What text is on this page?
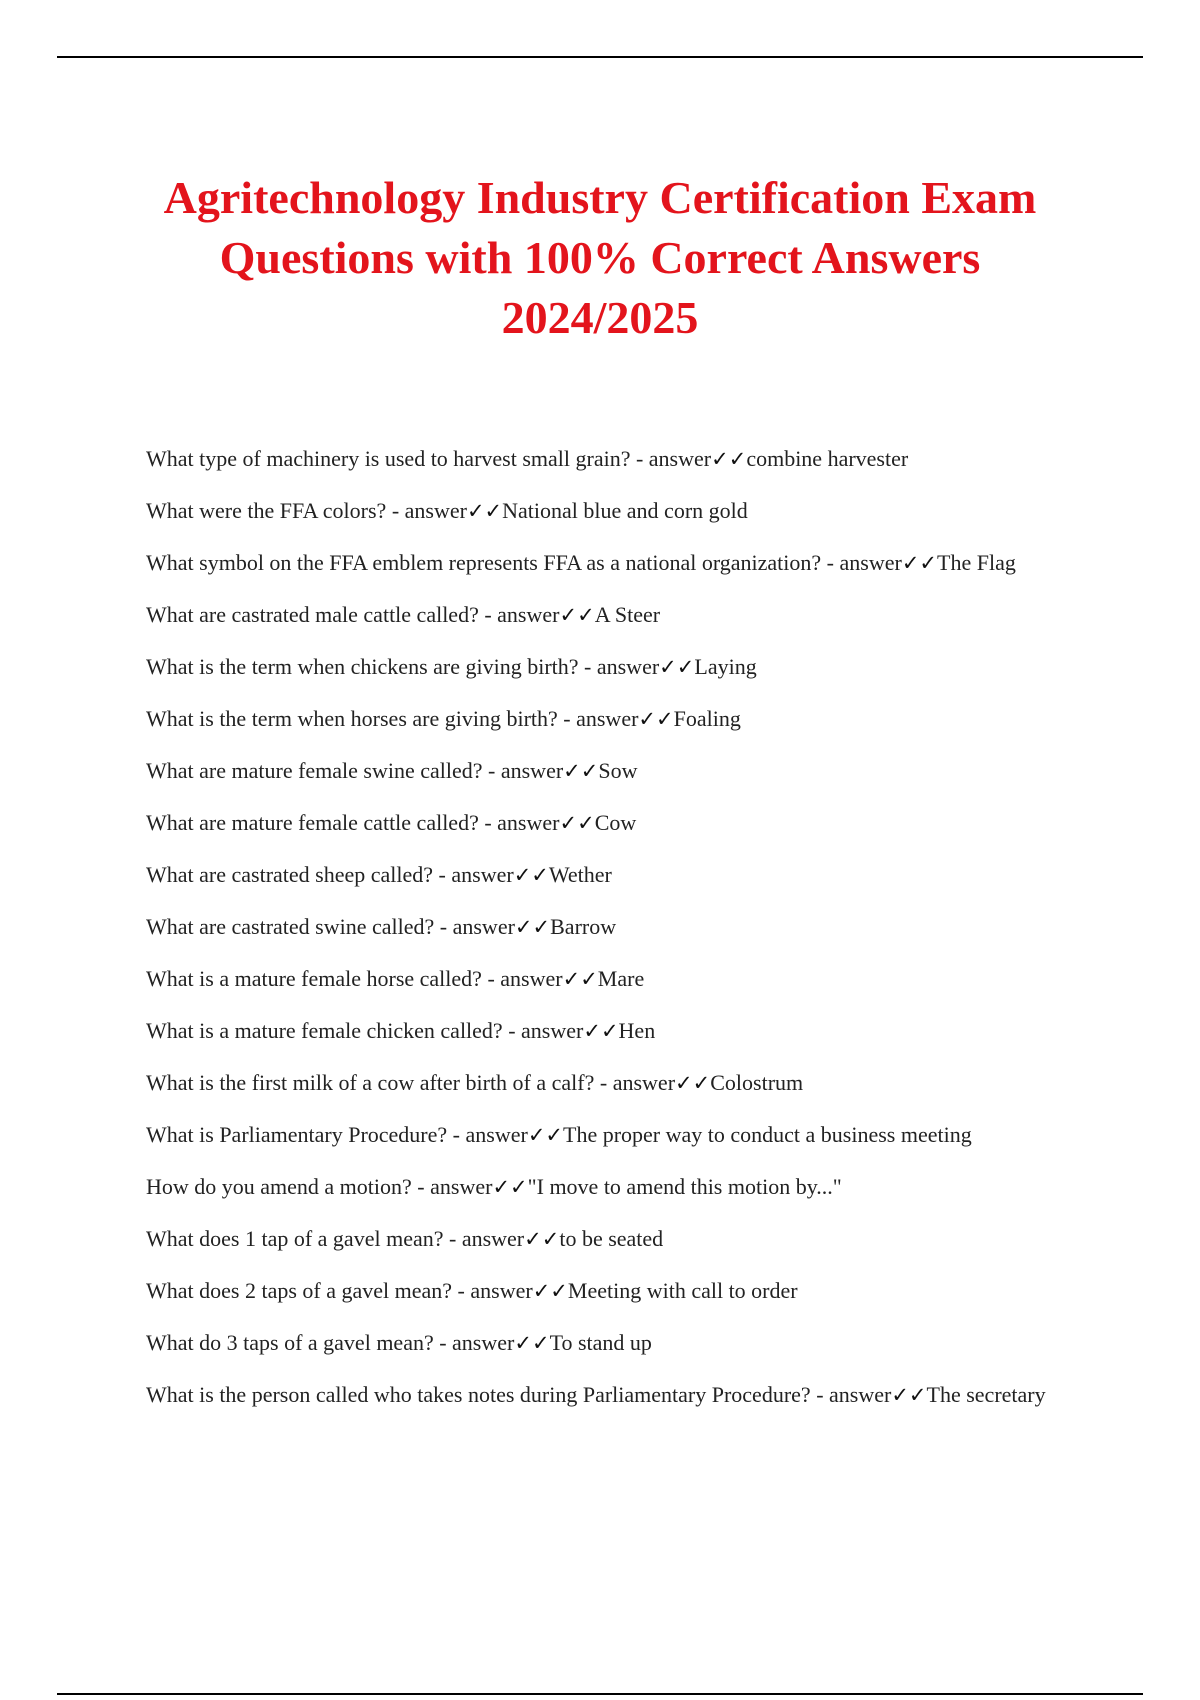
Agritechnology Industry Certification Exam
Questions with 100% Correct Answers
2024/2025
What type of machinery is used to harvest small grain? - answer✓✓combine harvester
What were the FFA colors? - answer✓✓National blue and corn gold
What symbol on the FFA emblem represents FFA as a national organization? - answer✓✓The Flag
What are castrated male cattle called? - answer✓✓A Steer
What is the term when chickens are giving birth? - answer✓✓Laying
What is the term when horses are giving birth? - answer✓✓Foaling
What are mature female swine called? - answer✓✓Sow
What are mature female cattle called? - answer✓✓Cow
What are castrated sheep called? - answer✓✓Wether
What are castrated swine called? - answer✓✓Barrow
What is a mature female horse called? - answer✓✓Mare
What is a mature female chicken called? - answer✓✓Hen
What is the first milk of a cow after birth of a calf? - answer✓✓Colostrum
What is Parliamentary Procedure? - answer✓✓The proper way to conduct a business meeting
How do you amend a motion? - answer✓✓"I move to amend this motion by..."
What does 1 tap of a gavel mean? - answer✓✓to be seated
What does 2 taps of a gavel mean? - answer✓✓Meeting with call to order
What do 3 taps of a gavel mean? - answer✓✓To stand up
What is the person called who takes notes during Parliamentary Procedure? - answer✓✓The secretary
